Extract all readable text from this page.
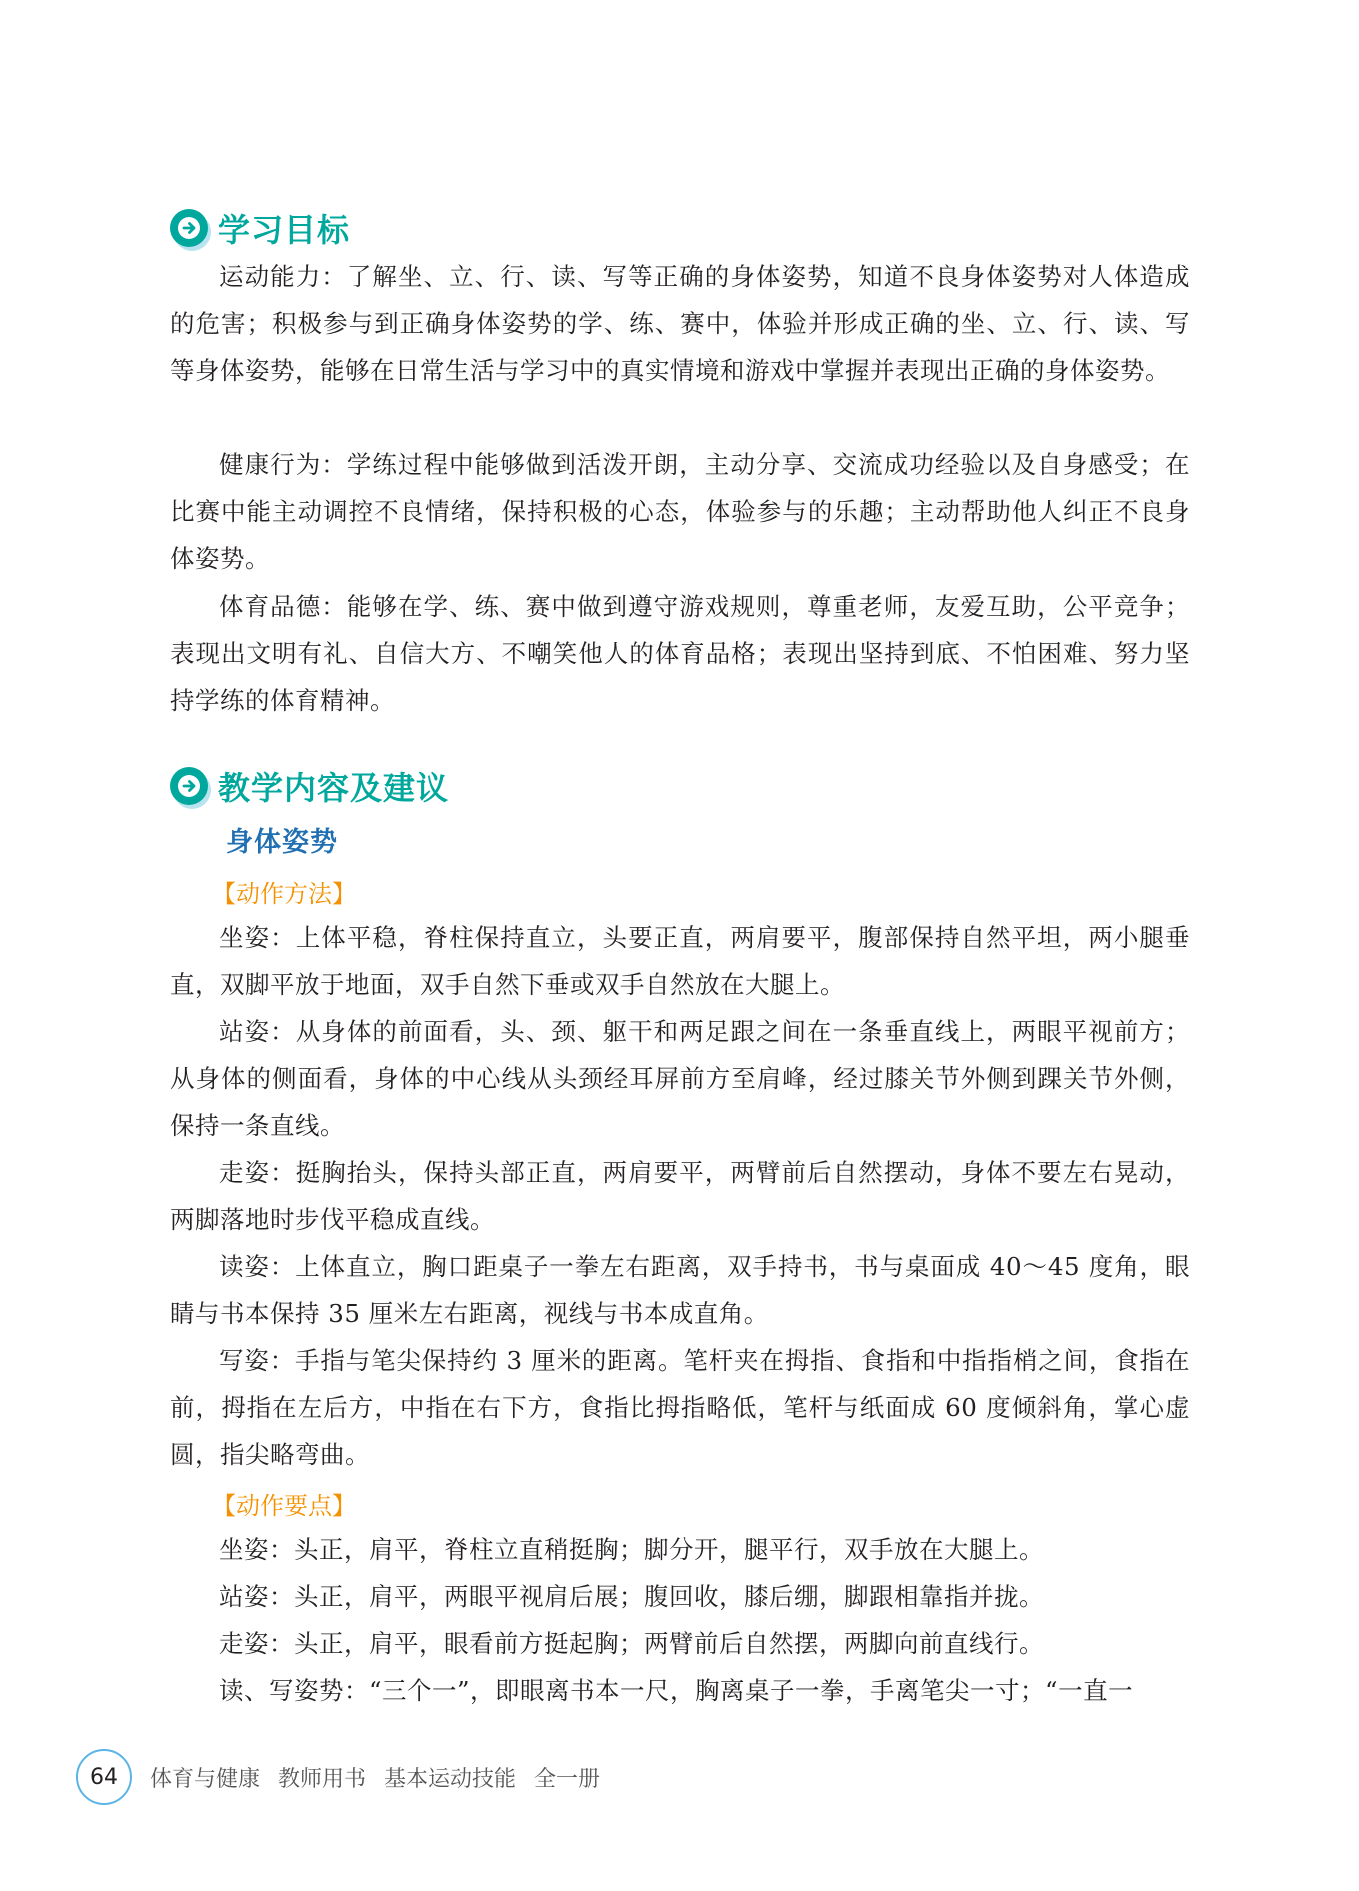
学习目标

运动能力：了解坐、立、行、读、写等正确的身体姿势，知道不良身体姿势对人体造成的危害；积极参与到正确身体姿势的学、练、赛中，体验并形成正确的坐、立、行、读、写等身体姿势，能够在日常生活与学习中的真实情境和游戏中掌握并表现出正确的身体姿势。

健康行为：学练过程中能够做到活泼开朗，主动分享、交流成功经验以及自身感受；在比赛中能主动调控不良情绪，保持积极的心态，体验参与的乐趣；主动帮助他人纠正不良身体姿势。

体育品德：能够在学、练、赛中做到遵守游戏规则，尊重老师，友爱互助，公平竞争；表现出文明有礼、自信大方、不嘲笑他人的体育品格；表现出坚持到底、不怕困难、努力坚持学练的体育精神。

教学内容及建议
身体姿势
【动作方法】

坐姿：上体平稳，脊柱保持直立，头要正直，两肩要平，腹部保持自然平坦，两小腿垂直，双脚平放于地面，双手自然下垂或双手自然放在大腿上。

站姿：从身体的前面看，头、颈、躯干和两足跟之间在一条垂直线上，两眼平视前方；从身体的侧面看，身体的中心线从头颈经耳屏前方至肩峰，经过膝关节外侧到踝关节外侧，保持一条直线。

走姿：挺胸抬头，保持头部正直，两肩要平，两臂前后自然摆动，身体不要左右晃动，两脚落地时步伐平稳成直线。

读姿：上体直立，胸口距桌子一拳左右距离，双手持书，书与桌面成 40～45 度角，眼睛与书本保持 35 厘米左右距离，视线与书本成直角。

写姿：手指与笔尖保持约 3 厘米的距离。笔杆夹在拇指、食指和中指指梢之间，食指在前，拇指在左后方，中指在右下方，食指比拇指略低，笔杆与纸面成 60 度倾斜角，掌心虚圆，指尖略弯曲。

【动作要点】

坐姿：头正，肩平，脊柱立直稍挺胸；脚分开，腿平行，双手放在大腿上。

站姿：头正，肩平，两眼平视肩后展；腹回收，膝后绷，脚跟相靠指并拢。

走姿：头正，肩平，眼看前方挺起胸；两臂前后自然摆，两脚向前直线行。

读、写姿势：“三个一”，即眼离书本一尺，胸离桌子一拳，手离笔尖一寸；“一直一

64	体育与健康 教师用书 基本运动技能 全一册
